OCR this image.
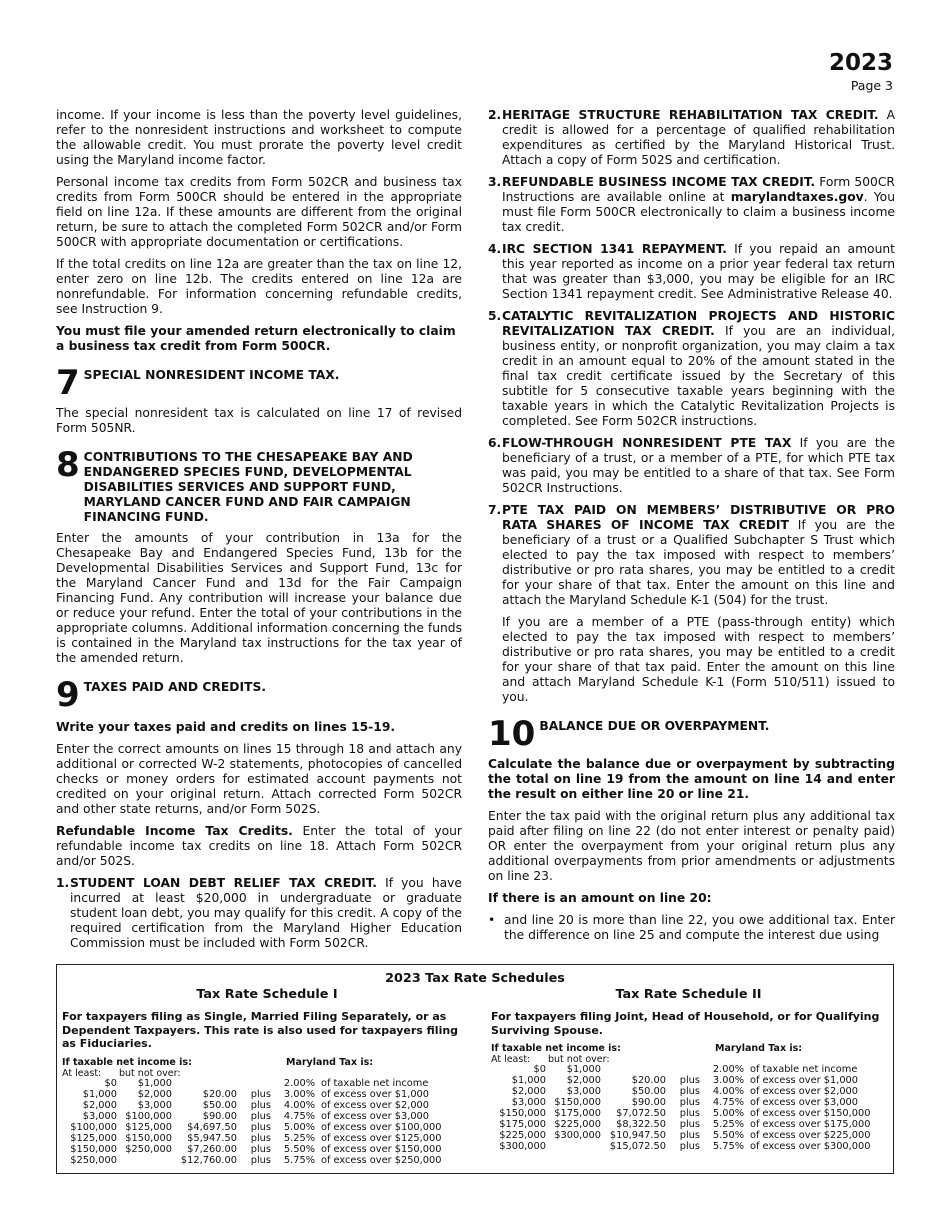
2023
Page 3

income. If your income is less than the poverty level guidelines, refer to the nonresident instructions and worksheet to compute the allowable credit. You must prorate the poverty level credit using the Maryland income factor.

Personal income tax credits from Form 502CR and business tax credits from Form 500CR should be entered in the appropriate field on line 12a. If these amounts are different from the original return, be sure to attach the completed Form 502CR and/or Form 500CR with appropriate documentation or certifications.

If the total credits on line 12a are greater than the tax on line 12, enter zero on line 12b. The credits entered on line 12a are nonrefundable. For information concerning refundable credits, see Instruction 9.

You must file your amended return electronically to claim a business tax credit from Form 500CR.

7 SPECIAL NONRESIDENT INCOME TAX.

The special nonresident tax is calculated on line 17 of revised Form 505NR.

8 CONTRIBUTIONS TO THE CHESAPEAKE BAY AND ENDANGERED SPECIES FUND, DEVELOPMENTAL DISABILITIES SERVICES AND SUPPORT FUND, MARYLAND CANCER FUND AND FAIR CAMPAIGN FINANCING FUND.

Enter the amounts of your contribution in 13a for the Chesapeake Bay and Endangered Species Fund, 13b for the Developmental Disabilities Services and Support Fund, 13c for the Maryland Cancer Fund and 13d for the Fair Campaign Financing Fund. Any contribution will increase your balance due or reduce your refund. Enter the total of your contributions in the appropriate columns. Additional information concerning the funds is contained in the Maryland tax instructions for the tax year of the amended return.

9 TAXES PAID AND CREDITS.

Write your taxes paid and credits on lines 15-19.

Enter the correct amounts on lines 15 through 18 and attach any additional or corrected W-2 statements, photocopies of cancelled checks or money orders for estimated account payments not credited on your original return. Attach corrected Form 502CR and other state returns, and/or Form 502S.

Refundable Income Tax Credits. Enter the total of your refundable income tax credits on line 18. Attach Form 502CR and/or 502S.

1. STUDENT LOAN DEBT RELIEF TAX CREDIT. If you have incurred at least $20,000 in undergraduate or graduate student loan debt, you may qualify for this credit. A copy of the required certification from the Maryland Higher Education Commission must be included with Form 502CR.
2. HERITAGE STRUCTURE REHABILITATION TAX CREDIT. A credit is allowed for a percentage of qualified rehabilitation expenditures as certified by the Maryland Historical Trust. Attach a copy of Form 502S and certification.
3. REFUNDABLE BUSINESS INCOME TAX CREDIT. Form 500CR Instructions are available online at marylandtaxes.gov. You must file Form 500CR electronically to claim a business income tax credit.
4. IRC SECTION 1341 REPAYMENT. If you repaid an amount this year reported as income on a prior year federal tax return that was greater than $3,000, you may be eligible for an IRC Section 1341 repayment credit. See Administrative Release 40.
5. CATALYTIC REVITALIZATION PROJECTS AND HISTORIC REVITALIZATION TAX CREDIT. If you are an individual, business entity, or nonprofit organization, you may claim a tax credit in an amount equal to 20% of the amount stated in the final tax credit certificate issued by the Secretary of this subtitle for 5 consecutive taxable years beginning with the taxable years in which the Catalytic Revitalization Projects is completed. See Form 502CR instructions.
6. FLOW-THROUGH NONRESIDENT PTE TAX If you are the beneficiary of a trust, or a member of a PTE, for which PTE tax was paid, you may be entitled to a share of that tax. See Form 502CR Instructions.
7. PTE TAX PAID ON MEMBERS’ DISTRIBUTIVE OR PRO RATA SHARES OF INCOME TAX CREDIT If you are the beneficiary of a trust or a Qualified Subchapter S Trust which elected to pay the tax imposed with respect to members’ distributive or pro rata shares, you may be entitled to a credit for your share of that tax. Enter the amount on this line and attach the Maryland Schedule K-1 (504) for the trust.

If you are a member of a PTE (pass-through entity) which elected to pay the tax imposed with respect to members’ distributive or pro rata shares, you may be entitled to a credit for your share of that tax paid. Enter the amount on this line and attach Maryland Schedule K-1 (Form 510/511) issued to you.

10 BALANCE DUE OR OVERPAYMENT.

Calculate the balance due or overpayment by subtracting the total on line 19 from the amount on line 14 and enter the result on either line 20 or line 21.

Enter the tax paid with the original return plus any additional tax paid after filing on line 22 (do not enter interest or penalty paid) OR enter the overpayment from your original return plus any additional overpayments from prior amendments or adjustments on line 23.

If there is an amount on line 20:

• and line 20 is more than line 22, you owe additional tax. Enter the difference on line 25 and compute the interest due using
2023 Tax Rate Schedules
Tax Rate Schedule I
For taxpayers filing as Single, Married Filing Separately, or as Dependent Taxpayers. This rate is also used for taxpayers filing as Fiduciaries.
If taxable net income is:	Maryland Tax is:
At least: but not over:
$0	$1,000			2.00%	of taxable net income
$1,000	$2,000	$20.00	plus	3.00%	of excess over $1,000
$2,000	$3,000	$50.00	plus	4.00%	of excess over $2,000
$3,000	$100,000	$90.00	plus	4.75%	of excess over $3,000
$100,000	$125,000	$4,697.50	plus	5.00%	of excess over $100,000
$125,000	$150,000	$5,947.50	plus	5.25%	of excess over $125,000
$150,000	$250,000	$7,260.00	plus	5.50%	of excess over $150,000
$250,000		$12,760.00	plus	5.75%	of excess over $250,000
Tax Rate Schedule II
For taxpayers filing Joint, Head of Household, or for Qualifying Surviving Spouse.
If taxable net income is:	Maryland Tax is:
At least: but not over:
$0	$1,000			2.00%	of taxable net income
$1,000	$2,000	$20.00	plus	3.00%	of excess over $1,000
$2,000	$3,000	$50.00	plus	4.00%	of excess over $2,000
$3,000	$150,000	$90.00	plus	4.75%	of excess over $3,000
$150,000	$175,000	$7,072.50	plus	5.00%	of excess over $150,000
$175,000	$225,000	$8,322.50	plus	5.25%	of excess over $175,000
$225,000	$300,000	$10,947.50	plus	5.50%	of excess over $225,000
$300,000		$15,072.50	plus	5.75%	of excess over $300,000
